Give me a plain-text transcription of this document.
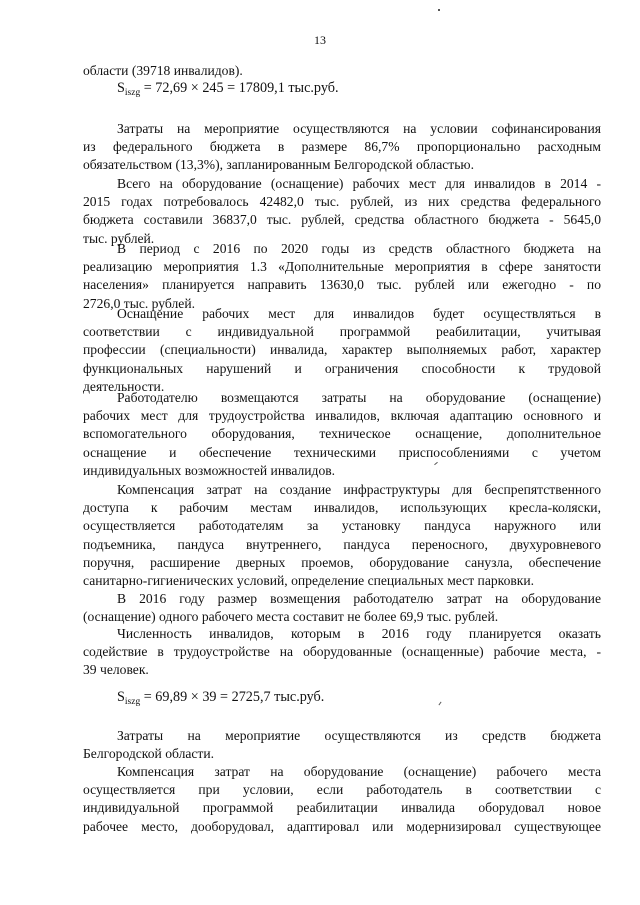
13

области (39718 инвалидов).

$S_{iszg} = 72,69 \times 245 = 17809,1$ тыс.руб.

Затраты на мероприятие осуществляются на условии софинансирования

из федерального бюджета в размере 86,7% пропорционально расходным

обязательством (13,3%), запланированным Белгородской областью.

Всего на оборудование (оснащение) рабочих мест для инвалидов в 2014 -

2015 годах потребовалось 42482,0 тыс. рублей, из них средства федерального

бюджета составили 36837,0 тыс. рублей, средства областного бюджета - 5645,0

тыс. рублей.

В период с 2016 по 2020 годы из средств областного бюджета на

реализацию мероприятия 1.3 «Дополнительные мероприятия в сфере занятости

населения» планируется направить 13630,0 тыс. рублей или ежегодно - по

2726,0 тыс. рублей.

Оснащение рабочих мест для инвалидов будет осуществляться в

соответствии с индивидуальной программой реабилитации, учитывая

профессии (специальности) инвалида, характер выполняемых работ, характер

функциональных нарушений и ограничения способности к трудовой

деятельности.

Работодателю возмещаются затраты на оборудование (оснащение)

рабочих мест для трудоустройства инвалидов, включая адаптацию основного и

вспомогательного оборудования, техническое оснащение, дополнительное

оснащение и обеспечение техническими приспособлениями с учетом

индивидуальных возможностей инвалидов.

Компенсация затрат на создание инфраструктуры для беспрепятственного

доступа к рабочим местам инвалидов, использующих кресла-коляски,

осуществляется работодателям за установку пандуса наружного или

подъемника, пандуса внутреннего, пандуса переносного, двухуровневого

поручня, расширение дверных проемов, оборудование санузла, обеспечение

санитарно-гигиенических условий, определение специальных мест парковки.

В 2016 году размер возмещения работодателю затрат на оборудование

(оснащение) одного рабочего места составит не более 69,9 тыс. рублей.

Численность инвалидов, которым в 2016 году планируется оказать

содействие в трудоустройстве на оборудованные (оснащенные) рабочие места, -

39 человек.

$S_{iszg} = 69,89 \times 39 = 2725,7$ тыс.руб.

Затраты на мероприятие осуществляются из средств бюджета

Белгородской области.

Компенсация затрат на оборудование (оснащение) рабочего места

осуществляется при условии, если работодатель в соответствии с

индивидуальной программой реабилитации инвалида оборудовал новое

рабочее место, дооборудовал, адаптировал или модернизировал существующее
